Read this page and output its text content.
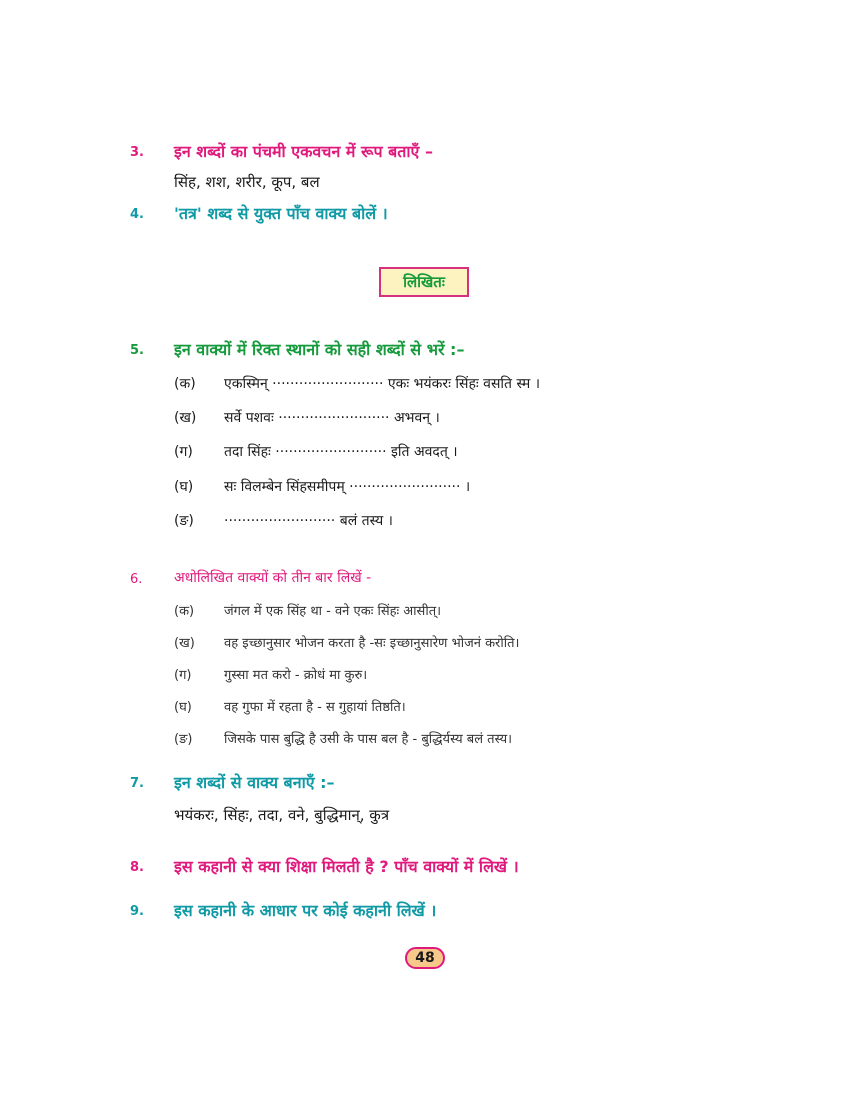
3. इन शब्दों का पंचमी एकवचन में रूप बताएँ –
सिंह, शश, शरीर, कूप, बल
4. 'तत्र' शब्द से युक्त पाँच वाक्य बोलें ।
लिखितः
5. इन वाक्यों में रिक्त स्थानों को सही शब्दों से भरें :–
(क) एकस्मिन् ························· एकः भयंकरः सिंहः वसति स्म ।
(ख) सर्वे पशवः ························· अभवन् ।
(ग) तदा सिंहः ························· इति अवदत् ।
(घ) सः विलम्बेन सिंहसमीपम् ························· ।
(ङ) ························· बलं तस्य ।
6. अधोलिखित वाक्यों को तीन बार लिखें -
(क) जंगल में एक सिंह था - वने एकः सिंहः आसीत्।
(ख) वह इच्छानुसार भोजन करता है -सः इच्छानुसारेण भोजनं करोति।
(ग)	गुस्सा मत करो - क्रोधं मा कुरु।
(घ) वह गुफा में रहता है - स गुहायां तिष्ठति।
(ङ) जिसके पास बुद्धि है उसी के पास बल है - बुद्धिर्यस्य बलं तस्य।
7. इन शब्दों से वाक्य बनाएँ :–
भयंकरः, सिंहः, तदा, वने, बुद्धिमान्, कुत्र
8. इस कहानी से क्या शिक्षा मिलती है ? पाँच वाक्यों में लिखें ।
9. इस कहानी के आधार पर कोई कहानी लिखें ।
48
